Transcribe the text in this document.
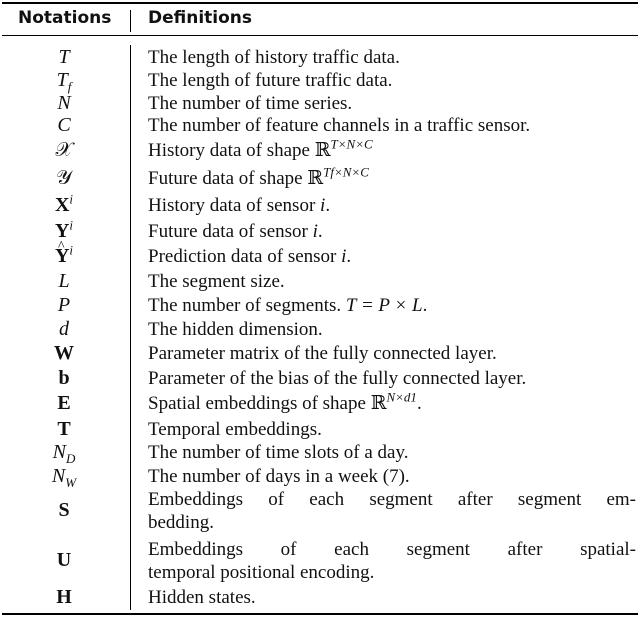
Notations Definitions
T	The length of history traffic data.
$T_f$	The length of future traffic data.
N	The number of time series.
C	The number of feature channels in a traffic sensor.
𝒳	History data of shape ℝ$^{T\times N\times C}$
𝒴	Future data of shape ℝ$^{Tf\times N\times C}$
$X^i$	History data of sensor i.
$Y^i$	Future data of sensor i.
^ $Y^i$	Prediction data of sensor i.
L	The segment size.
P	The number of segments. T = P × L.
d	The hidden dimension.
W	Parameter matrix of the fully connected layer.
b	Parameter of the bias of the fully connected layer.
E	Spatial embeddings of shape ℝ$^{N\times d1}$.
T	Temporal embeddings.
$N_D$	The number of time slots of a day.
$N_W$	The number of days in a week (7).
S	Embeddings of each segment after segment em-
bedding.
U	Embeddings of each segment after spatial-
temporal positional encoding.
H	Hidden states.
